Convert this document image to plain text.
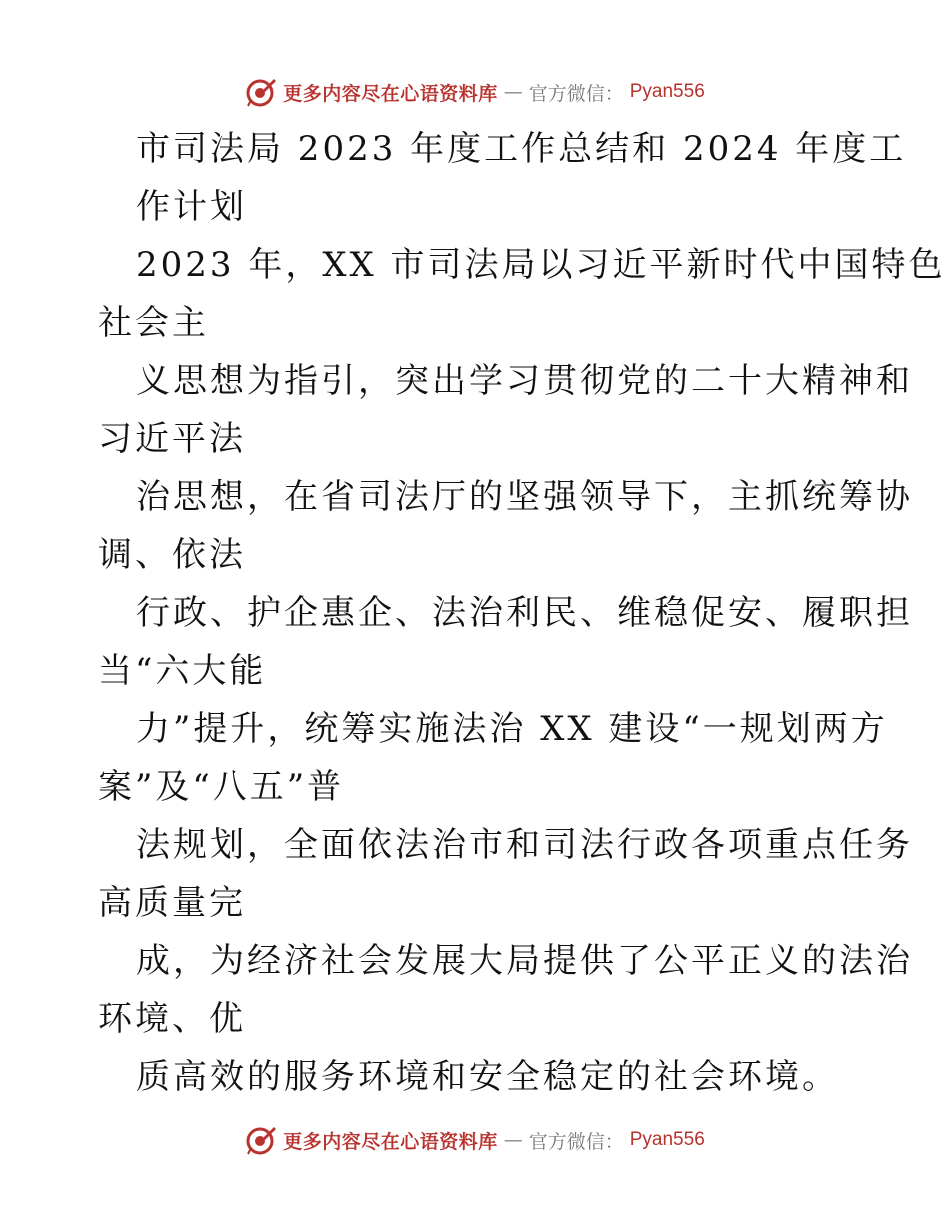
更多内容尽在心语资料库 — 官方微信： Pyan556
市司法局 2023 年度工作总结和 2024 年度工
作计划
2023 年，XX 市司法局以习近平新时代中国特色
社会主
义思想为指引，突出学习贯彻党的二十大精神和
习近平法
治思想，在省司法厅的坚强领导下，主抓统筹协
调、依法
行政、护企惠企、法治利民、维稳促安、履职担
当“六大能
力”提升，统筹实施法治 XX 建设“一规划两方
案”及“八五”普
法规划，全面依法治市和司法行政各项重点任务
高质量完
成，为经济社会发展大局提供了公平正义的法治
环境、优
质高效的服务环境和安全稳定的社会环境。
更多内容尽在心语资料库 — 官方微信： Pyan556
